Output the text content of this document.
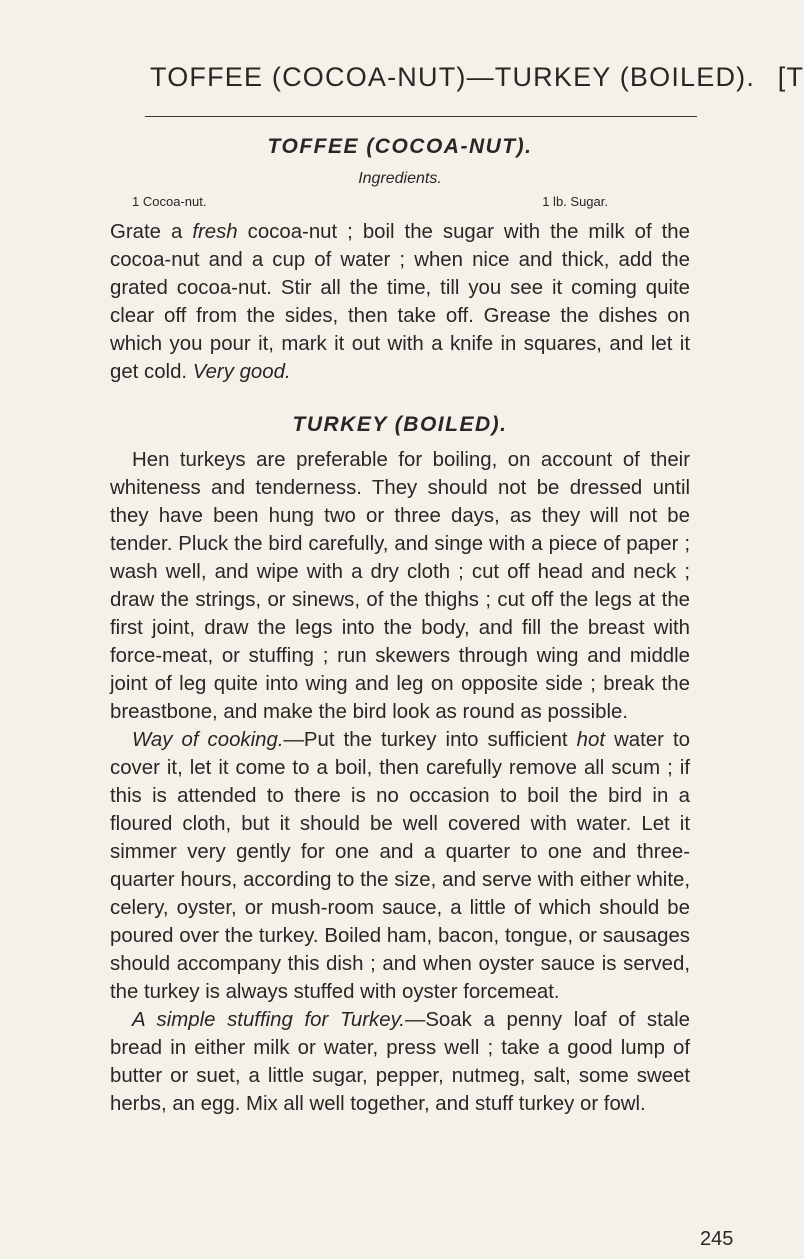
TOFFEE (COCOA-NUT)—TURKEY (BOILED). [T
TOFFEE (COCOA-NUT).
Ingredients.
1 Cocoa-nut.	1 lb. Sugar.

Grate a fresh cocoa-nut ; boil the sugar with the milk of the cocoa-nut and a cup of water ; when nice and thick, add the grated cocoa-nut. Stir all the time, till you see it coming quite clear off from the sides, then take off. Grease the dishes on which you pour it, mark it out with a knife in squares, and let it get cold. Very good.

TURKEY (BOILED).

Hen turkeys are preferable for boiling, on account of their whiteness and tenderness. They should not be dressed until they have been hung two or three days, as they will not be tender. Pluck the bird carefully, and singe with a piece of paper ; wash well, and wipe with a dry cloth ; cut off head and neck ; draw the strings, or sinews, of the thighs ; cut off the legs at the first joint, draw the legs into the body, and fill the breast with force-meat, or stuffing ; run skewers through wing and middle joint of leg quite into wing and leg on opposite side ; break the breastbone, and make the bird look as round as possible.

Way of cooking.—Put the turkey into sufficient hot water to cover it, let it come to a boil, then carefully remove all scum ; if this is attended to there is no occasion to boil the bird in a floured cloth, but it should be well covered with water. Let it simmer very gently for one and a quarter to one and three-quarter hours, according to the size, and serve with either white, celery, oyster, or mush-room sauce, a little of which should be poured over the turkey. Boiled ham, bacon, tongue, or sausages should accompany this dish ; and when oyster sauce is served, the turkey is always stuffed with oyster forcemeat.

A simple stuffing for Turkey.—Soak a penny loaf of stale bread in either milk or water, press well ; take a good lump of butter or suet, a little sugar, pepper, nutmeg, salt, some sweet herbs, an egg. Mix all well together, and stuff turkey or fowl.

245
